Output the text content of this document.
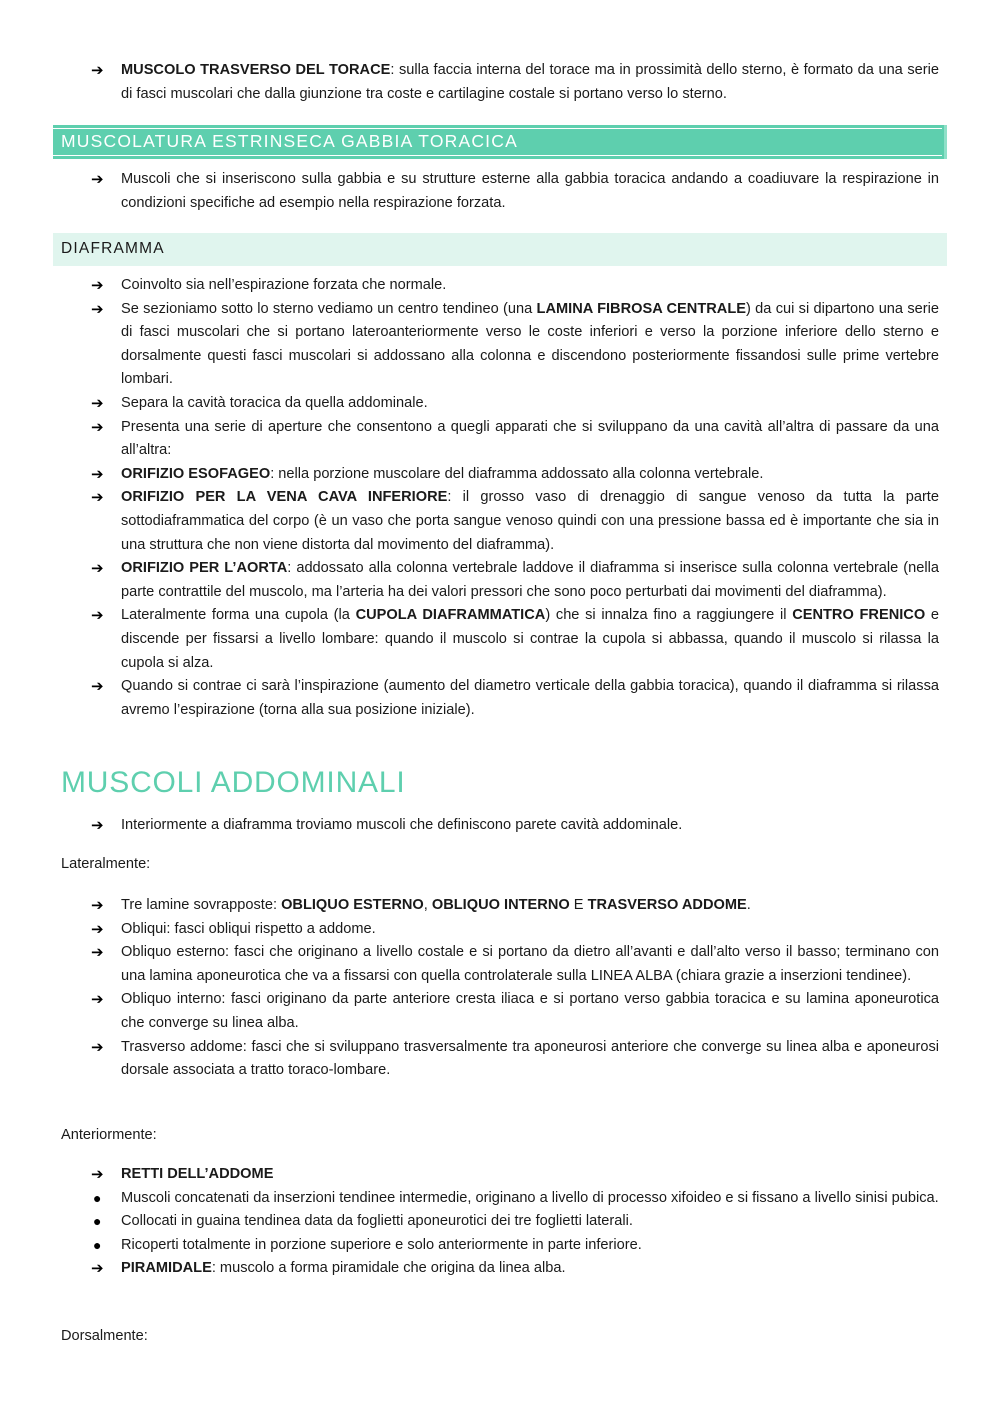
➔	MUSCOLO TRASVERSO DEL TORACE: sulla faccia interna del torace ma in prossimità dello sterno, è formato da una serie di fasci muscolari che dalla giunzione tra coste e cartilagine costale si portano verso lo sterno.
MUSCOLATURA ESTRINSECA GABBIA TORACICA
➔	Muscoli che si inseriscono sulla gabbia e su strutture esterne alla gabbia toracica andando a coadiuvare la respirazione in condizioni specifiche ad esempio nella respirazione forzata.
DIAFRAMMA
➔	Coinvolto sia nell’espirazione forzata che normale.
➔	Se sezioniamo sotto lo sterno vediamo un centro tendineo (una LAMINA FIBROSA CENTRALE) da cui si dipartono una serie di fasci muscolari che si portano lateroanteriormente verso le coste inferiori e verso la porzione inferiore dello sterno e dorsalmente questi fasci muscolari si addossano alla colonna e discendono posteriormente fissandosi sulle prime vertebre lombari.
➔	Separa la cavità toracica da quella addominale.
➔	Presenta una serie di aperture che consentono a quegli apparati che si sviluppano da una cavità all’altra di passare da una all’altra:
➔	ORIFIZIO ESOFAGEO: nella porzione muscolare del diaframma addossato alla colonna vertebrale.
➔	ORIFIZIO PER LA VENA CAVA INFERIORE: il grosso vaso di drenaggio di sangue venoso da tutta la parte sottodiaframmatica del corpo (è un vaso che porta sangue venoso quindi con una pressione bassa ed è importante che sia in una struttura che non viene distorta dal movimento del diaframma).
➔	ORIFIZIO PER L’AORTA: addossato alla colonna vertebrale laddove il diaframma si inserisce sulla colonna vertebrale (nella parte contrattile del muscolo, ma l’arteria ha dei valori pressori che sono poco perturbati dai movimenti del diaframma).
➔	Lateralmente forma una cupola (la CUPOLA DIAFRAMMATICA) che si innalza fino a raggiungere il CENTRO FRENICO e discende per fissarsi a livello lombare: quando il muscolo si contrae la cupola si abbassa, quando il muscolo si rilassa la cupola si alza.
➔	Quando si contrae ci sarà l’inspirazione (aumento del diametro verticale della gabbia toracica), quando il diaframma si rilassa avremo l’espirazione (torna alla sua posizione iniziale).
MUSCOLI ADDOMINALI
➔	Interiormente a diaframma troviamo muscoli che definiscono parete cavità addominale.
Lateralmente:
➔	Tre lamine sovrapposte: OBLIQUO ESTERNO, OBLIQUO INTERNO E TRASVERSO ADDOME.
➔	Obliqui: fasci obliqui rispetto a addome.
➔	Obliquo esterno: fasci che originano a livello costale e si portano da dietro all’avanti e dall’alto verso il basso; terminano con una lamina aponeurotica che va a fissarsi con quella controlaterale sulla LINEA ALBA (chiara grazie a inserzioni tendinee).
➔	Obliquo interno: fasci originano da parte anteriore cresta iliaca e si portano verso gabbia toracica e su lamina aponeurotica che converge su linea alba.
➔	Trasverso addome: fasci che si sviluppano trasversalmente tra aponeurosi anteriore che converge su linea alba e aponeurosi dorsale associata a tratto toraco-lombare.
Anteriormente:
➔	RETTI DELL’ADDOME
●	Muscoli concatenati da inserzioni tendinee intermedie, originano a livello di processo xifoideo e si fissano a livello sinisi pubica.
●	Collocati in guaina tendinea data da foglietti aponeurotici dei tre foglietti laterali.
●	Ricoperti totalmente in porzione superiore e solo anteriormente in parte inferiore.
➔	PIRAMIDALE: muscolo a forma piramidale che origina da linea alba.
Dorsalmente:
